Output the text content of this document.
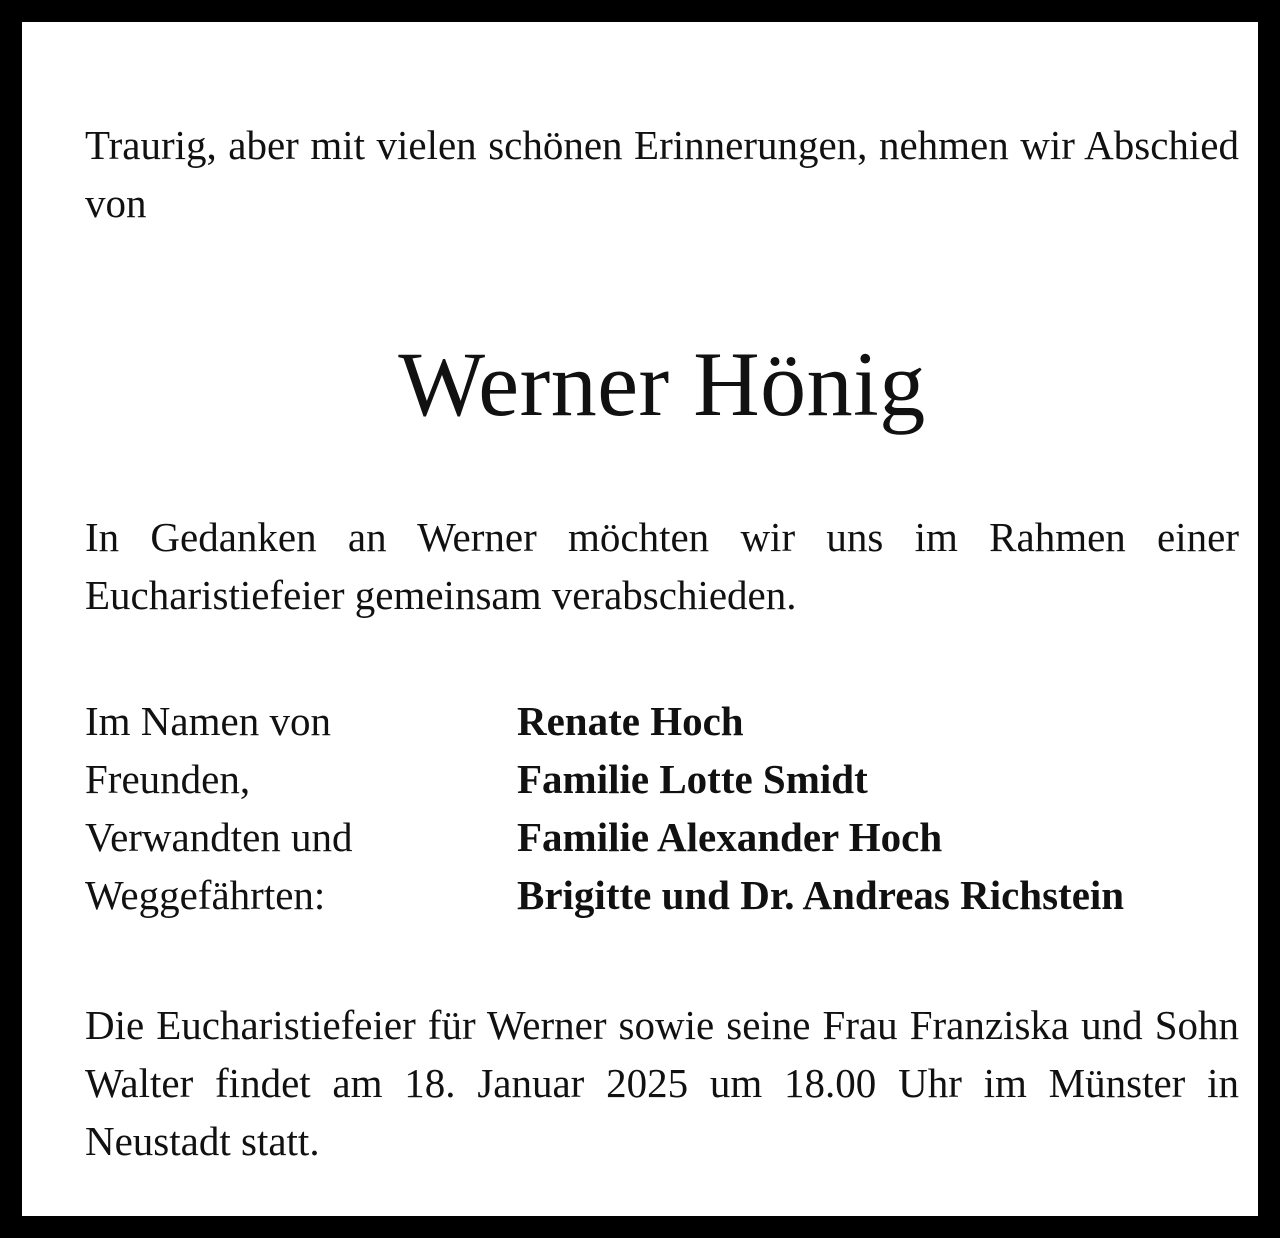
Traurig, aber mit vielen schönen Erinnerungen, nehmen wir Abschied von
Werner Hönig
In Gedanken an Werner möchten wir uns im Rahmen einer Eucharistiefeier gemeinsam verabschieden.
Im Namen von
Freunden,
Verwandten und
Weggefährten:
Renate Hoch
Familie Lotte Smidt
Familie Alexander Hoch
Brigitte und Dr. Andreas Richstein
Die Eucharistiefeier für Werner sowie seine Frau Franziska und Sohn Walter findet am 18. Januar 2025 um 18.00 Uhr im Münster in Neustadt statt.
